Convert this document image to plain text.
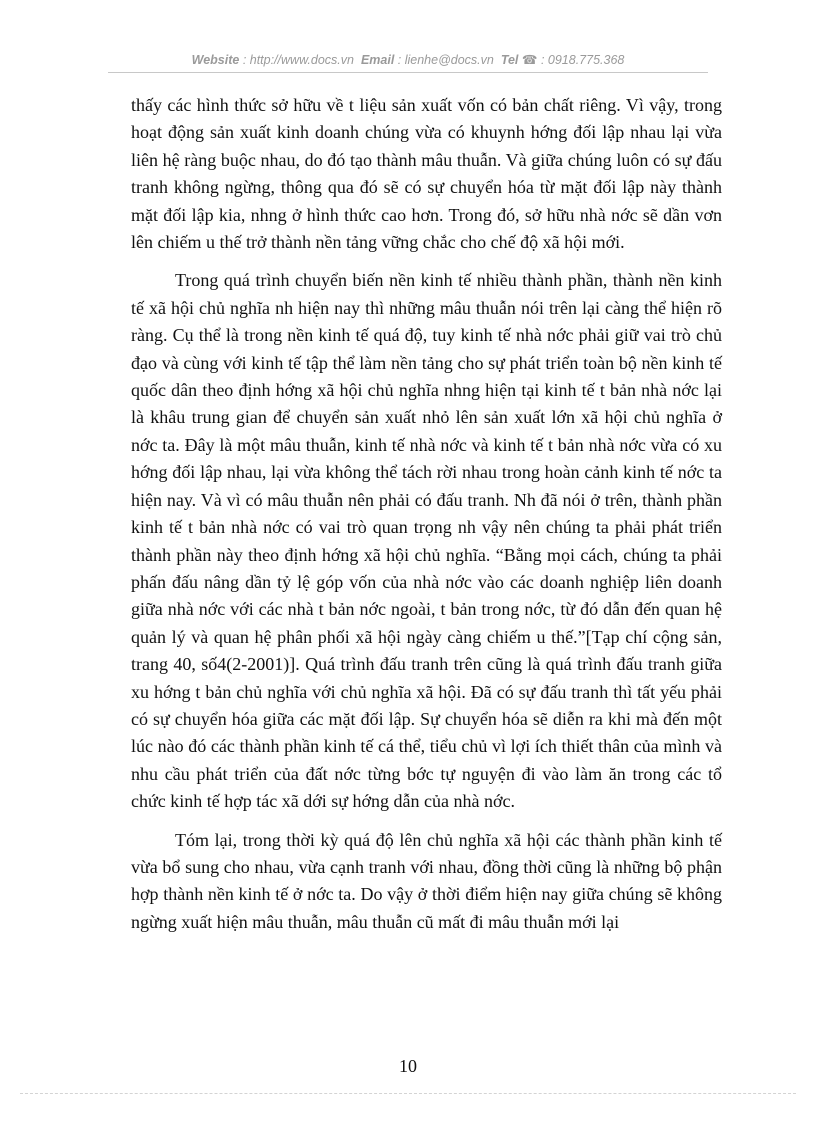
Website : http://www.docs.vn Email : lienhe@docs.vn Tel ☎ : 0918.775.368

thấy các hình thức sở hữu về t liệu sản xuất vốn có bản chất riêng. Vì vậy, trong hoạt động sản xuất kinh doanh chúng vừa có khuynh hớng đối lập nhau lại vừa liên hệ ràng buộc nhau, do đó tạo thành mâu thuẫn. Và giữa chúng luôn có sự đấu tranh không ngừng, thông qua đó sẽ có sự chuyển hóa từ mặt đối lập này thành mặt đối lập kia, nhng ở hình thức cao hơn. Trong đó, sở hữu nhà nớc sẽ dần vơn lên chiếm u thế trở thành nền tảng vững chắc cho chế độ xã hội mới.

Trong quá trình chuyển biến nền kinh tế nhiều thành phần, thành nền kinh tế xã hội chủ nghĩa nh hiện nay thì những mâu thuẫn nói trên lại càng thể hiện rõ ràng. Cụ thể là trong nền kinh tế quá độ, tuy kinh tế nhà nớc phải giữ vai trò chủ đạo và cùng với kinh tế tập thể làm nền tảng cho sự phát triển toàn bộ nền kinh tế quốc dân theo định hớng xã hội chủ nghĩa nhng hiện tại kinh tế t bản nhà nớc lại là khâu trung gian để chuyển sản xuất nhỏ lên sản xuất lớn xã hội chủ nghĩa ở nớc ta. Đây là một mâu thuẫn, kinh tế nhà nớc và kinh tế t bản nhà nớc vừa có xu hớng đối lập nhau, lại vừa không thể tách rời nhau trong hoàn cảnh kinh tế nớc ta hiện nay. Và vì có mâu thuẫn nên phải có đấu tranh. Nh đã nói ở trên, thành phần kinh tế t bản nhà nớc có vai trò quan trọng nh vậy nên chúng ta phải phát triển thành phần này theo định hớng xã hội chủ nghĩa. “Bằng mọi cách, chúng ta phải phấn đấu nâng dần tỷ lệ góp vốn của nhà nớc vào các doanh nghiệp liên doanh giữa nhà nớc với các nhà t bản nớc ngoài, t bản trong nớc, từ đó dẫn đến quan hệ quản lý và quan hệ phân phối xã hội ngày càng chiếm u thế.”[Tạp chí cộng sản, trang 40, số4(2-2001)]. Quá trình đấu tranh trên cũng là quá trình đấu tranh giữa xu hớng t bản chủ nghĩa với chủ nghĩa xã hội. Đã có sự đấu tranh thì tất yếu phải có sự chuyển hóa giữa các mặt đối lập. Sự chuyển hóa sẽ diễn ra khi mà đến một lúc nào đó các thành phần kinh tế cá thể, tiểu chủ vì lợi ích thiết thân của mình và nhu cầu phát triển của đất nớc từng bớc tự nguyện đi vào làm ăn trong các tổ chức kinh tế hợp tác xã dới sự hớng dẫn của nhà nớc.

Tóm lại, trong thời kỳ quá độ lên chủ nghĩa xã hội các thành phần kinh tế vừa bổ sung cho nhau, vừa cạnh tranh với nhau, đồng thời cũng là những bộ phận hợp thành nền kinh tế ở nớc ta. Do vậy ở thời điểm hiện nay giữa chúng sẽ không ngừng xuất hiện mâu thuẫn, mâu thuẫn cũ mất đi mâu thuẫn mới lại

10
